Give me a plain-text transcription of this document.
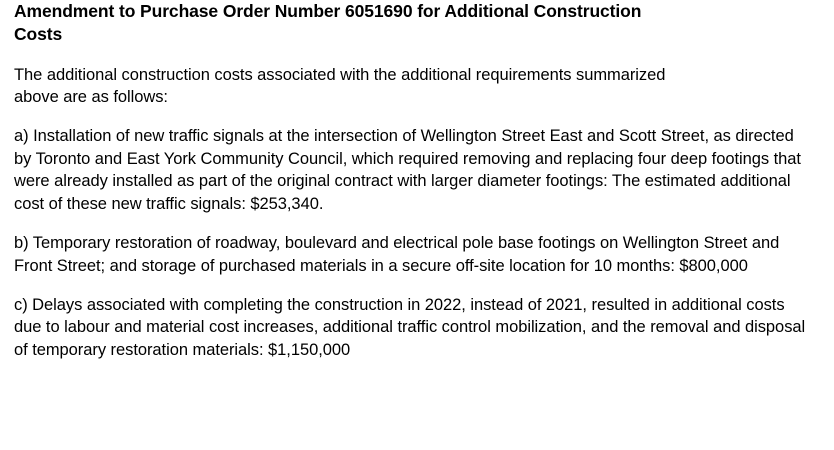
Amendment to Purchase Order Number 6051690 for Additional Construction Costs

The additional construction costs associated with the additional requirements summarized above are as follows:

a) Installation of new traffic signals at the intersection of Wellington Street East and Scott Street, as directed by Toronto and East York Community Council, which required removing and replacing four deep footings that were already installed as part of the original contract with larger diameter footings: The estimated additional cost of these new traffic signals: $253,340.

b) Temporary restoration of roadway, boulevard and electrical pole base footings on Wellington Street and Front Street; and storage of purchased materials in a secure off-site location for 10 months: $800,000

c) Delays associated with completing the construction in 2022, instead of 2021, resulted in additional costs due to labour and material cost increases, additional traffic control mobilization, and the removal and disposal of temporary restoration materials: $1,150,000
